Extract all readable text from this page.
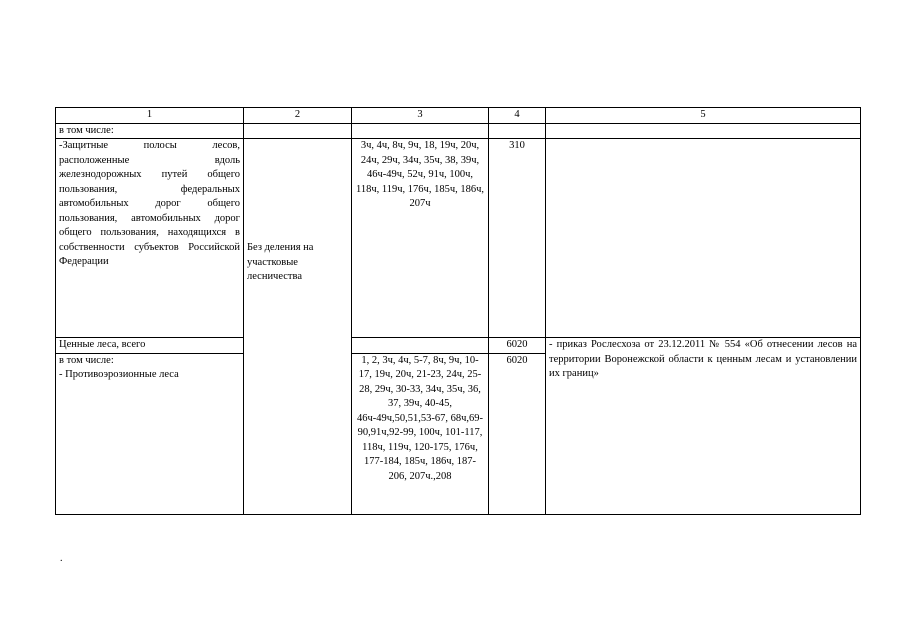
1	2	3	4	5
в том числе:				
-Защитные полосы лесов, расположенные вдоль железнодорожных путей общего пользования, федеральных автомобильных дорог общего пользования, автомобильных дорог общего пользования, находящихся в собственности субъектов Российской Федерации	Без деления на участковые лесничества	3ч, 4ч, 8ч, 9ч, 18, 19ч, 20ч, 24ч, 29ч, 34ч, 35ч, 38, 39ч, 46ч-49ч, 52ч, 91ч, 100ч, 118ч, 119ч, 176ч, 185ч, 186ч, 207ч	310	
Ценные леса, всего			6020	- приказ Рослесхоза от 23.12.2011 № 554 «Об отнесении лесов на территории Воронежской области к ценным лесам и установлении их границ»

в том числе:
- Противоэрозионные леса		1, 2, 3ч, 4ч, 5-7, 8ч, 9ч, 10-17, 19ч, 20ч, 21-23, 24ч, 25-28, 29ч, 30-33, 34ч, 35ч, 36, 37, 39ч, 40-45, 46ч-49ч,50,51,53-67, 68ч,69-90,91ч,92-99, 100ч, 101-117, 118ч, 119ч, 120-175, 176ч, 177-184, 185ч, 186ч, 187-206, 207ч.,208	6020	
.
